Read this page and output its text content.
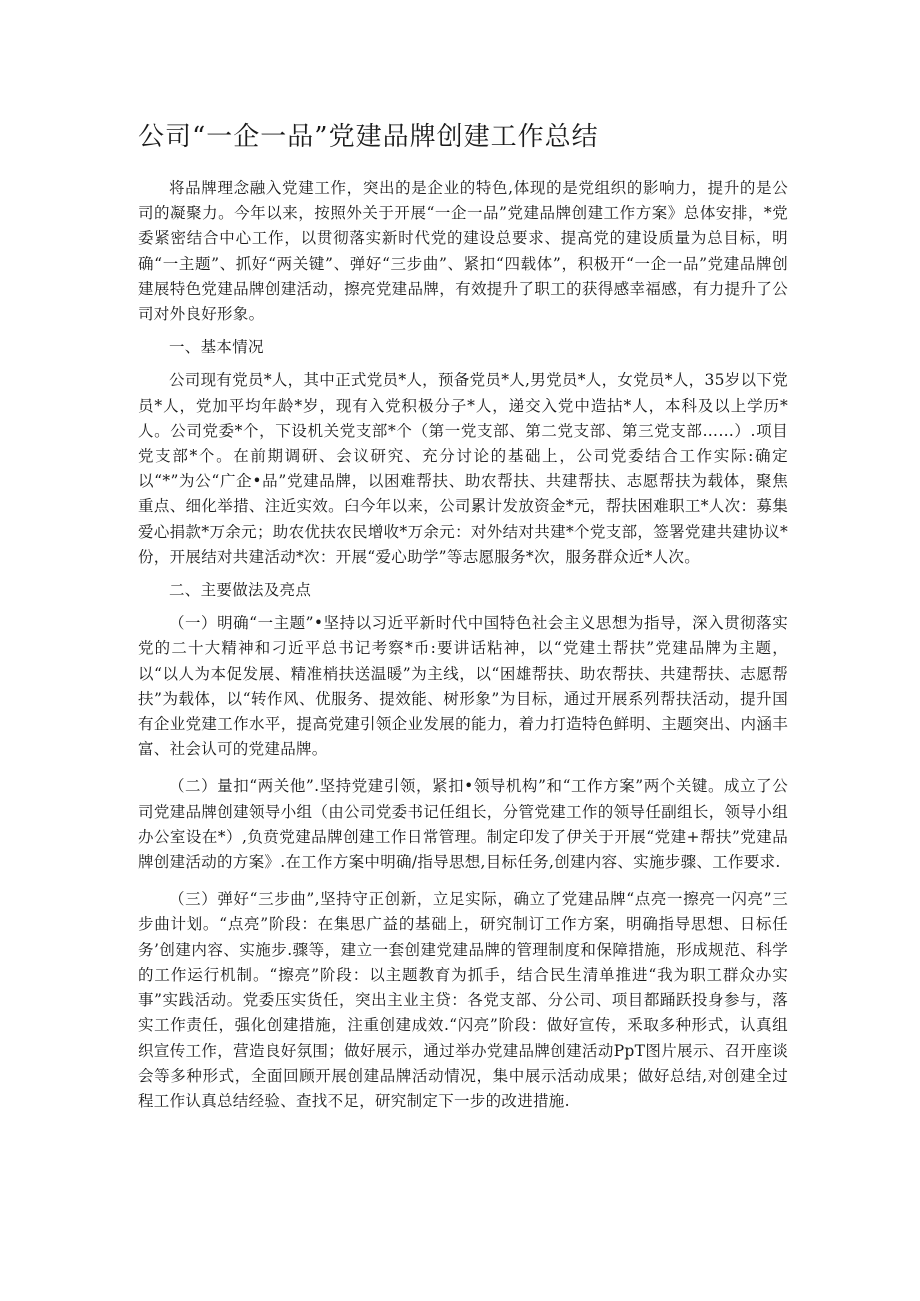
公司“一企一品”党建品牌创建工作总结

将品牌理念融入党建工作，突出的是企业的特色,体现的是党组织的影响力，提升的是公司的凝聚力。今年以来，按照外关于开展“一企一品”党建品牌创建工作方案》总体安排，*党委紧密结合中心工作，以贯彻落实新时代党的建设总要求、提高党的建设质量为总目标，明确“一主题”、抓好“两关键”、弹好“三步曲”、紧扣“四载体”，积极开“一企一品”党建品牌创建展特色党建品牌创建活动，擦亮党建品牌，有效提升了职工的获得感幸福感，有力提升了公司对外良好形象。

一、基本情况

公司现有党员*人，其中正式党员*人，预备党员*人,男党员*人，女党员*人，35岁以下党员*人，党加平均年龄*岁，现有入党积极分子*人，递交入党中造拈*人，本科及以上学历*人。公司党委*个，下设机关党支部*个（第一党支部、第二党支部、第三党支部……）.项目党支部*个。在前期调研、会议研究、充分讨论的基础上，公司党委结合工作实际:确定以“*”为公“广企•品”党建品牌，以困难帮扶、助农帮扶、共建帮扶、志愿帮扶为载体，聚焦重点、细化举措、注近实效。臼今年以来，公司累计发放资金*元，帮扶困难职工*人次：募集爱心捐款*万余元；助农优扶农民增收*万余元：对外结对共建*个党支部，签署党建共建协议*份，开展结对共建活动*次：开展“爱心助学”等志愿服务*次，服务群众近*人次。

二、主要做法及亮点

（一）明确“一主题”•坚持以习近平新时代中国特色社会主义思想为指导，深入贯彻落实党的二十大精神和刁近平总书记考察*币:要讲话粘神，以“党建土帮扶”党建品牌为主题，以“以人为本促发展、精准梢扶送温暖”为主线，以“困雄帮扶、助农帮扶、共建帮扶、志愿帮扶”为载体，以“转作风、优服务、提效能、树形象”为目标，通过开展系列帮扶活动，提升国有企业党建工作水平，提高党建引领企业发展的能力，着力打造特色鲜明、主题突出、内涵丰富、社会认可的党建品牌。

（二）量扣“两关他”.坚持党建引领，紧扣•领导机构”和“工作方案”两个关键。成立了公司党建品牌创建领导小组（由公司党委书记任组长，分管党建工作的领导任副组长，领导小组办公室设在*）,负贲党建品牌创建工作日常管理。制定印发了伊关于开展“党建+帮扶”党建品牌创建活动的方案》.在工作方案中明确/指导思想,目标任务,创建内容、实施步骤、工作要求.

（三）弹好“三步曲”,坚持守正创新，立足实际，确立了党建品牌“点亮一擦亮一闪亮”三步曲计划。“点亮”阶段：在集思广益的基础上，研究制订工作方案，明确指导思想、日标任务’创建内容、实施步.骤等，建立一套创建党建品牌的管理制度和保障措施，形成规范、科学的工作运行机制。“擦亮”阶段：以主题教育为抓手，结合民生清单推进“我为职工群众办实事”实践活动。党委压实货任，突出主业主贷：各党支部、分公司、项目都踊跃投身参与，落实工作责任，强化创建措施，注重创建成效.“闪亮”阶段：做好宣传，釆取多种形式，认真组织宣传工作，营造良好氛围；做好展示，通过举办党建品牌创建活动PpT图片展示、召开座谈会等多种形式，全面回顾开展创建品牌活动情况，集中展示活动成果；做好总结,对创建全过程工作认真总结经验、查找不足，研究制定下一步的改进措施.
